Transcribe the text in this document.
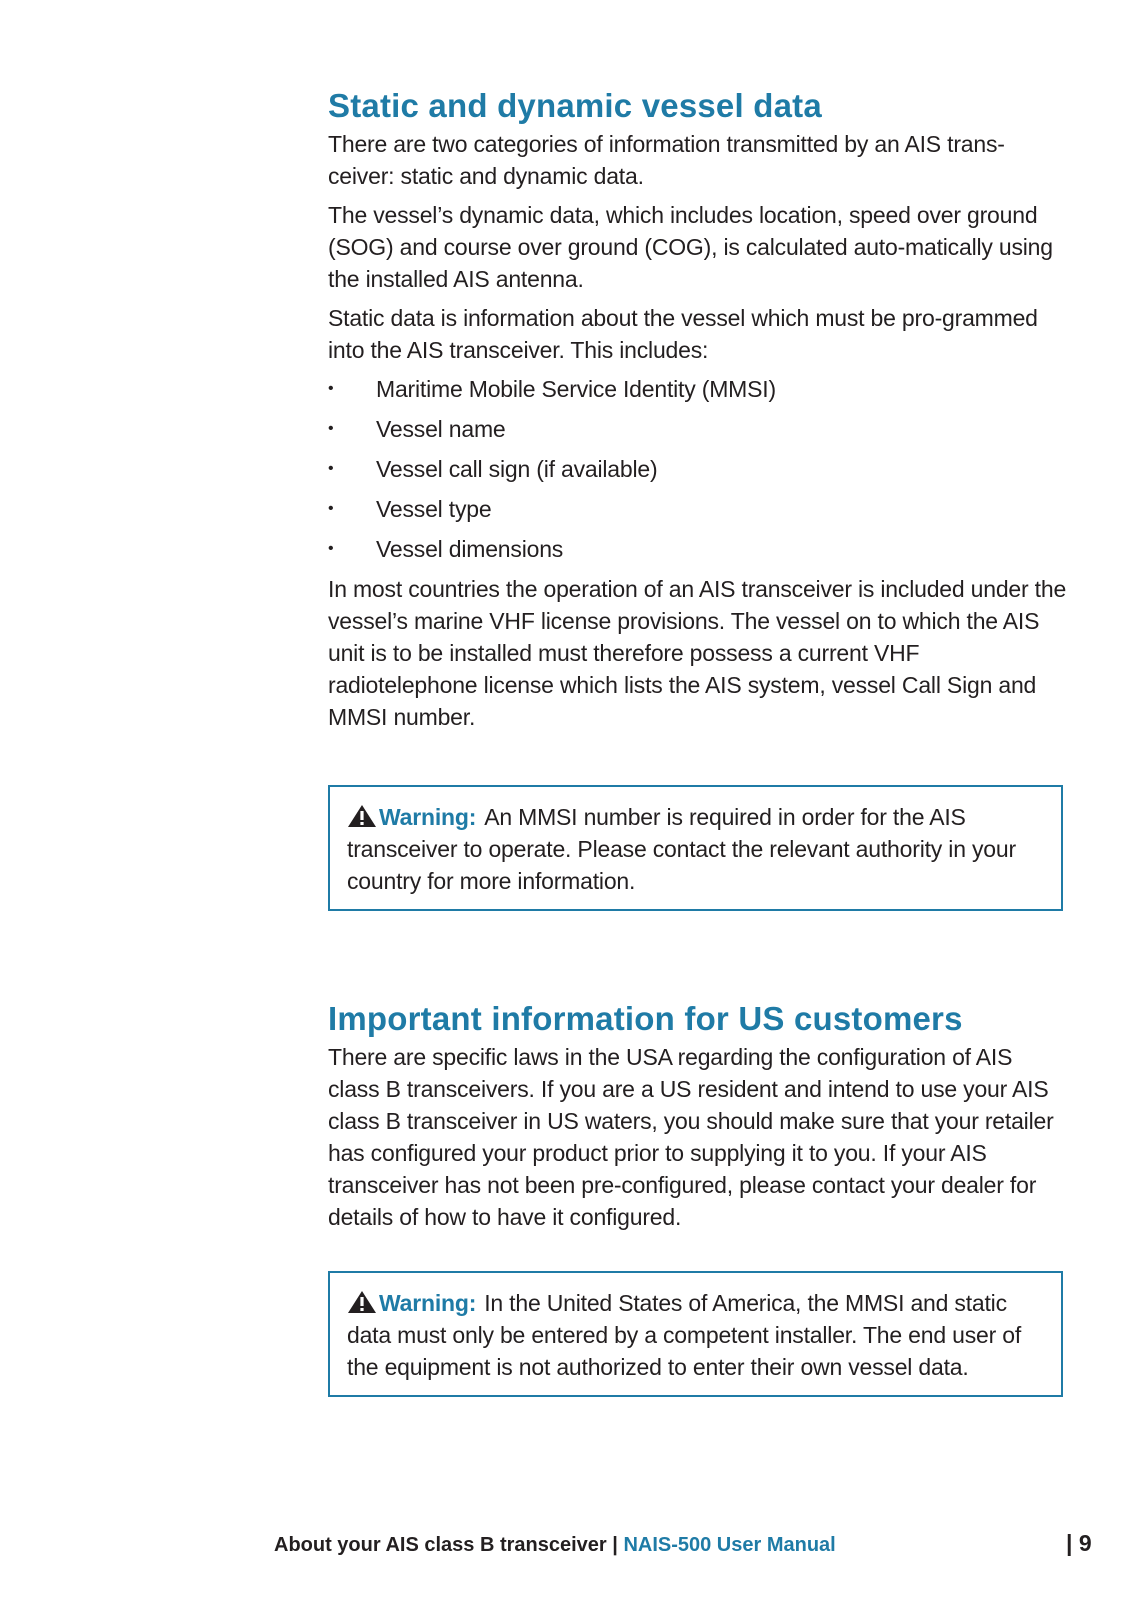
Static and dynamic vessel data

There are two categories of information transmitted by an AIS trans-ceiver: static and dynamic data.

The vessel’s dynamic data, which includes location, speed over ground (SOG) and course over ground (COG), is calculated auto-matically using the installed AIS antenna.

Static data is information about the vessel which must be pro-grammed into the AIS transceiver. This includes:

• Maritime Mobile Service Identity (MMSI)
• Vessel name
• Vessel call sign (if available)
• Vessel type
• Vessel dimensions

In most countries the operation of an AIS transceiver is included under the vessel’s marine VHF license provisions. The vessel on to which the AIS unit is to be installed must therefore possess a current VHF radiotelephone license which lists the AIS system, vessel Call Sign and MMSI number.

Warning: An MMSI number is required in order for the AIS transceiver to operate. Please contact the relevant authority in your country for more information.

Important information for US customers

There are specific laws in the USA regarding the configuration of AIS class B transceivers. If you are a US resident and intend to use your AIS class B transceiver in US waters, you should make sure that your retailer has configured your product prior to supplying it to you. If your AIS transceiver has not been pre-configured, please contact your dealer for details of how to have it configured.

Warning: In the United States of America, the MMSI and static data must only be entered by a competent installer. The end user of the equipment is not authorized to enter their own vessel data.

About your AIS class B transceiver | NAIS-500 User Manual	| 9
